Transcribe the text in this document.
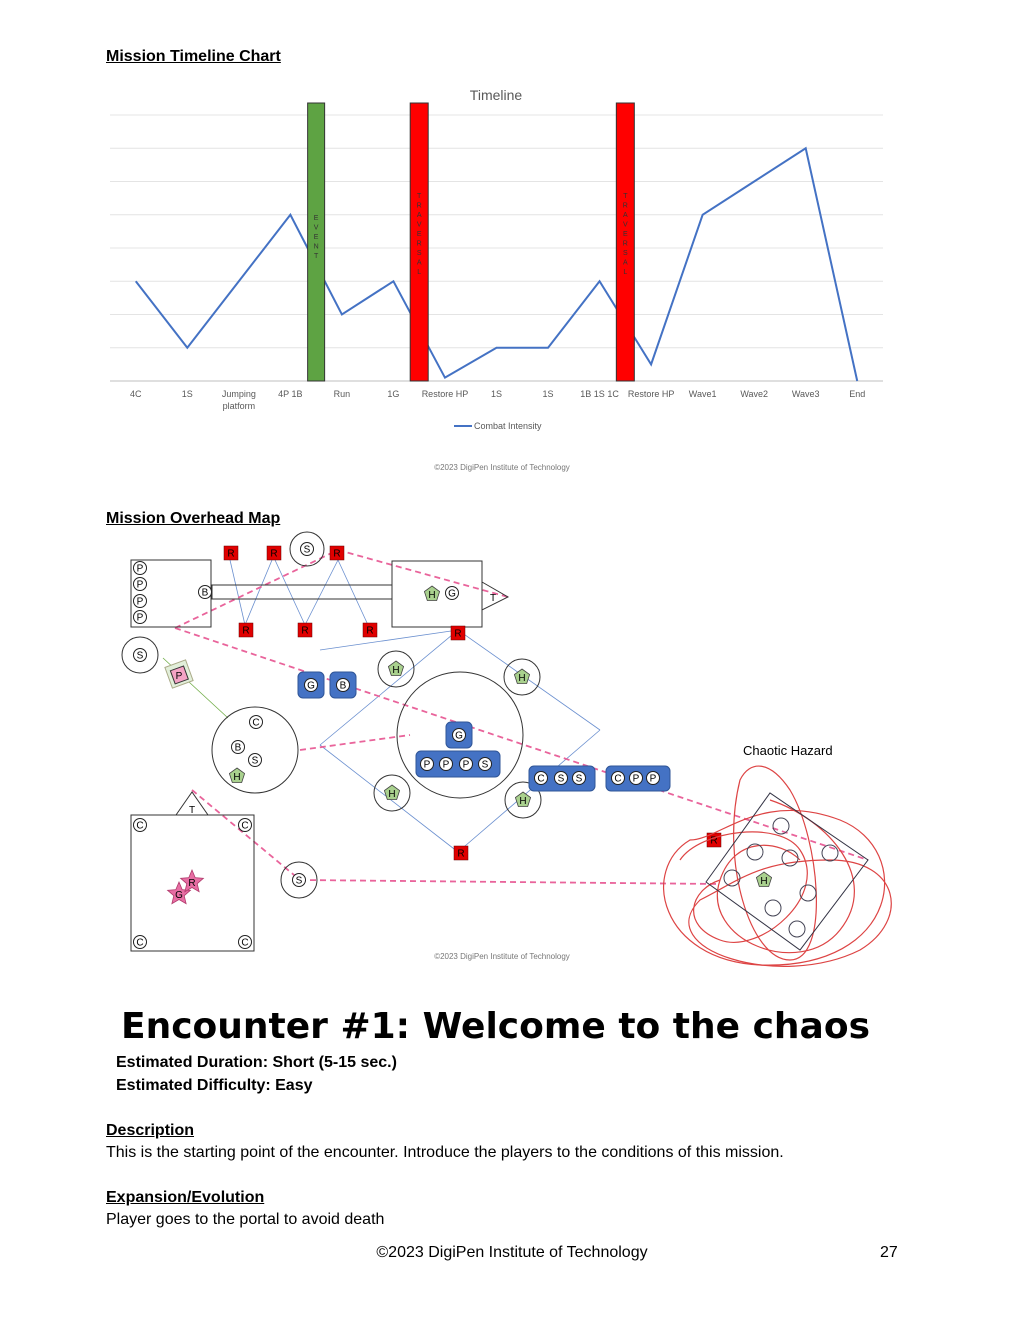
Mission Timeline Chart
Timeline
E V E N T
T R A V E R S A L
T R A V E R S A L
4C	1S	Jumping platform
4P 1B	Run	1G Restore HP	1S	1S	1B 1S 1C Restore HP Wave1	Wave2	Wave3	End
Combat Intensity
©2023 DigiPen Institute of Technology
Mission Overhead Map
P
P
P
P
B	T
H G
R	R	R
R	R	R	R
R
R
S
S
P
C
B
S
H
G B
H
H
H
H
G
P P P S
C S S	C P P
T
C	C
C	C
G
R	S
Chaotic Hazard
H
©2023 DigiPen Institute of Technology
Encounter #1: Welcome to the chaos
Estimated Duration: Short (5-15 sec.)
Estimated Difficulty: Easy
Description
This is the starting point of the encounter. Introduce the players to the conditions of this mission.
Expansion/Evolution
Player goes to the portal to avoid death
©2023 DigiPen Institute of Technology	27
